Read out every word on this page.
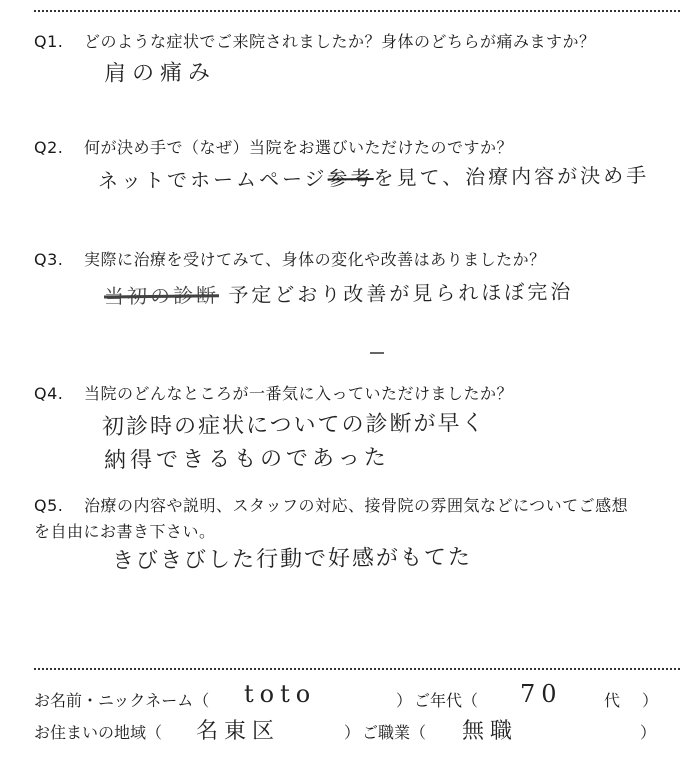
Q1. どのような症状でご来院されましたか？身体のどちらが痛みますか？
肩の痛み
Q2. 何が決め手で（なぜ）当院をお選びいただけたのですか？
ネットでホームページ参考を見て、治療内容が決め手
Q3. 実際に治療を受けてみて、身体の変化や改善はありましたか？
当初の診断 予定どおり改善が見られほぼ完治
Q4. 当院のどんなところが一番気に入っていただけましたか？
初診時の症状についての診断が早く
納得できるものであった
Q5. 治療の内容や説明、スタッフの対応、接骨院の雰囲気などについてご感想
を自由にお書き下さい。
きびきびした行動で好感がもてた
お名前・ニックネーム（ toto	） ご年代（ 70	代 ）
お住まいの地域（ 名東区	） ご職業（ 無職	）
